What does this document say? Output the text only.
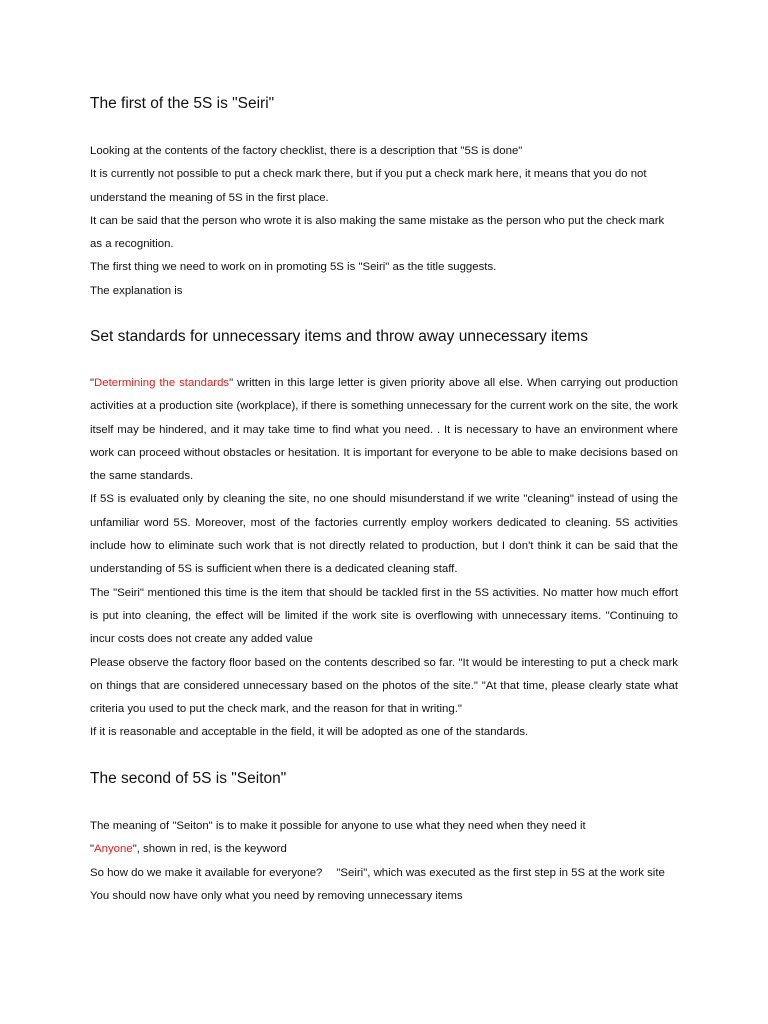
The first of the 5S is "Seiri"

Looking at the contents of the factory checklist, there is a description that "5S is done"

It is currently not possible to put a check mark there, but if you put a check mark here, it means that you do not understand the meaning of 5S in the first place.

It can be said that the person who wrote it is also making the same mistake as the person who put the check mark as a recognition.

The first thing we need to work on in promoting 5S is "Seiri" as the title suggests.

The explanation is

Set standards for unnecessary items and throw away unnecessary items

"Determining the standards" written in this large letter is given priority above all else. When carrying out production activities at a production site (workplace), if there is something unnecessary for the current work on the site, the work itself may be hindered, and it may take time to find what you need. . It is necessary to have an environment where work can proceed without obstacles or hesitation. It is important for everyone to be able to make decisions based on the same standards.

If 5S is evaluated only by cleaning the site, no one should misunderstand if we write "cleaning" instead of using the unfamiliar word 5S. Moreover, most of the factories currently employ workers dedicated to cleaning. 5S activities include how to eliminate such work that is not directly related to production, but I don't think it can be said that the understanding of 5S is sufficient when there is a dedicated cleaning staff.

The "Seiri" mentioned this time is the item that should be tackled first in the 5S activities. No matter how much effort is put into cleaning, the effect will be limited if the work site is overflowing with unnecessary items. "Continuing to incur costs does not create any added value

Please observe the factory floor based on the contents described so far. "It would be interesting to put a check mark on things that are considered unnecessary based on the photos of the site." "At that time, please clearly state what criteria you used to put the check mark, and the reason for that in writing."

If it is reasonable and acceptable in the field, it will be adopted as one of the standards.

The second of 5S is "Seiton"

The meaning of "Seiton" is to make it possible for anyone to use what they need when they need it

"Anyone", shown in red, is the keyword

So how do we make it available for everyone? "Seiri", which was executed as the first step in 5S at the work site

You should now have only what you need by removing unnecessary items
